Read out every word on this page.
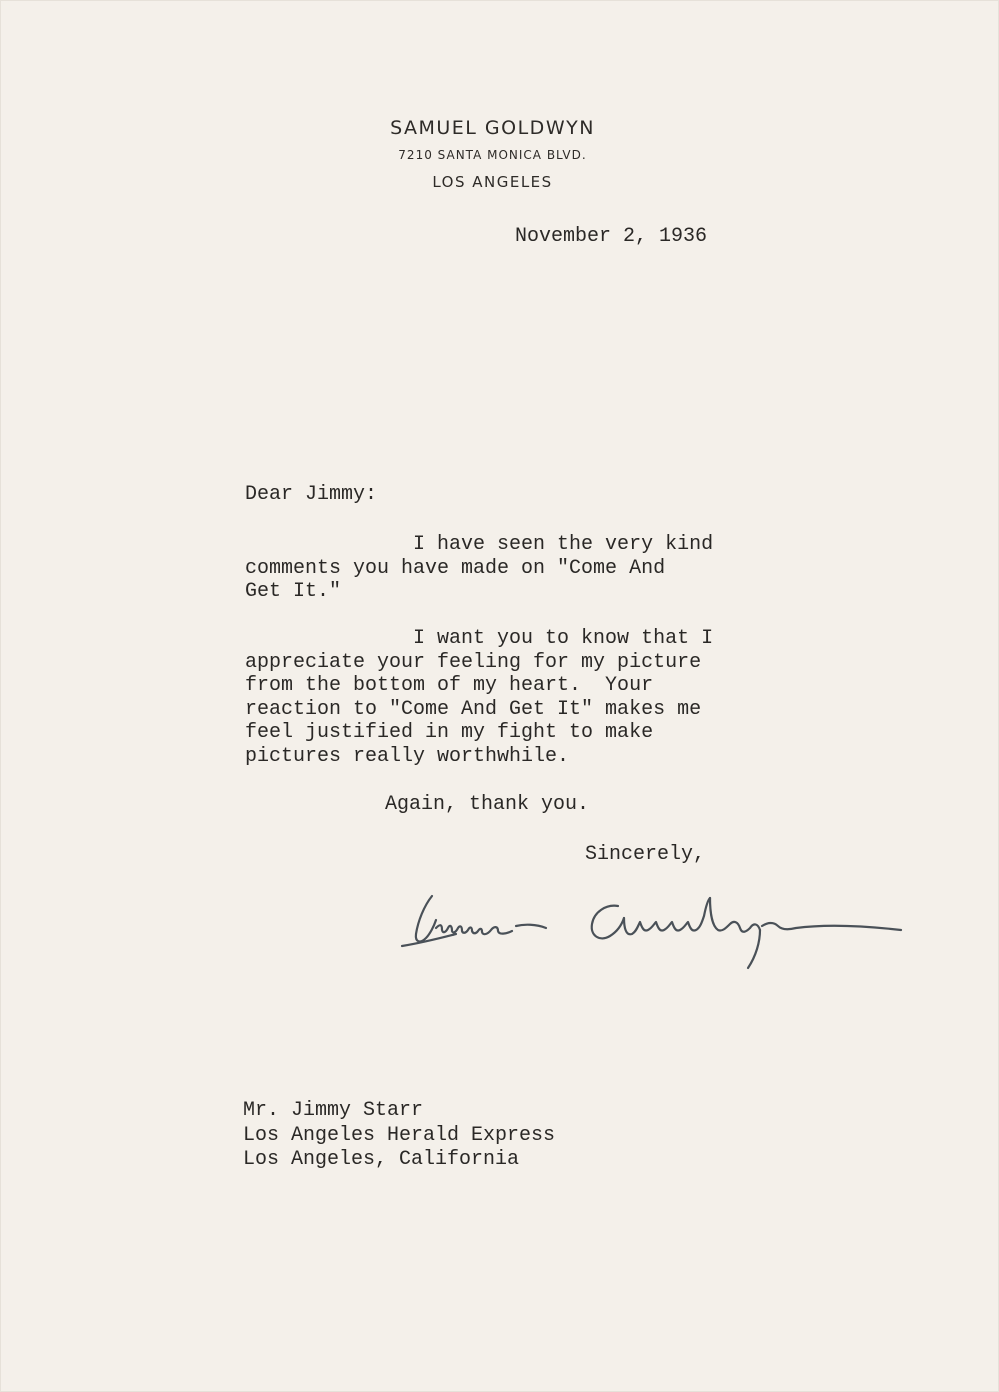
SAMUEL GOLDWYN
7210 SANTA MONICA BLVD.
LOS ANGELES
November 2, 1936
Dear Jimmy:
I have seen the very kind
comments you have made on "Come And
Get It."
I want you to know that I
appreciate your feeling for my picture
from the bottom of my heart.  Your
reaction to "Come And Get It" makes me
feel justified in my fight to make
pictures really worthwhile.
Again, thank you.
Sincerely,
Mr. Jimmy Starr
Los Angeles Herald Express
Los Angeles, California
